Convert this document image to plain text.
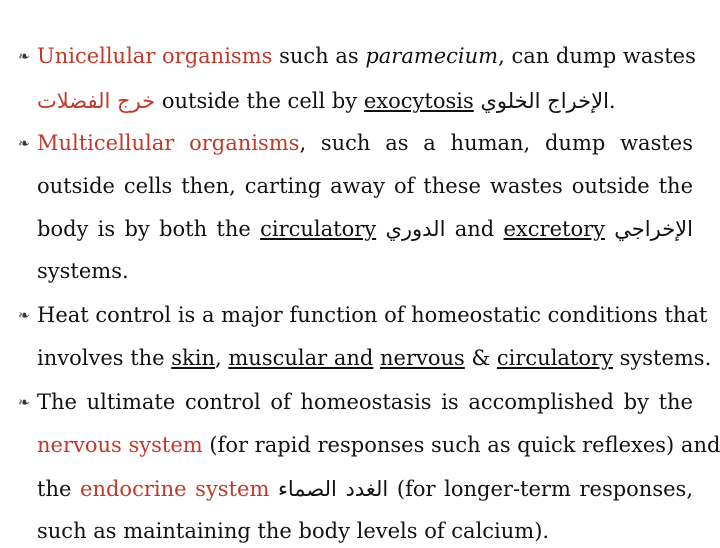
❧ Unicellular organisms such as paramecium, can dump wastes
خرج الفضلات outside the cell by exocytosis الإخراج الخلوي.
❧ Multicellular organisms, such as a human, dump wastes
outside cells then, carting away of these wastes outside the
body is by both the circulatory الدوري and excretory الإخراجي
systems.
❧ Heat control is a major function of homeostatic conditions that
involves the skin, muscular and nervous & circulatory systems.
❧ The ultimate control of homeostasis is accomplished by the
nervous system (for rapid responses such as quick reflexes) and
the endocrine system الغدد الصماء (for longer-term responses,
such as maintaining the body levels of calcium).
